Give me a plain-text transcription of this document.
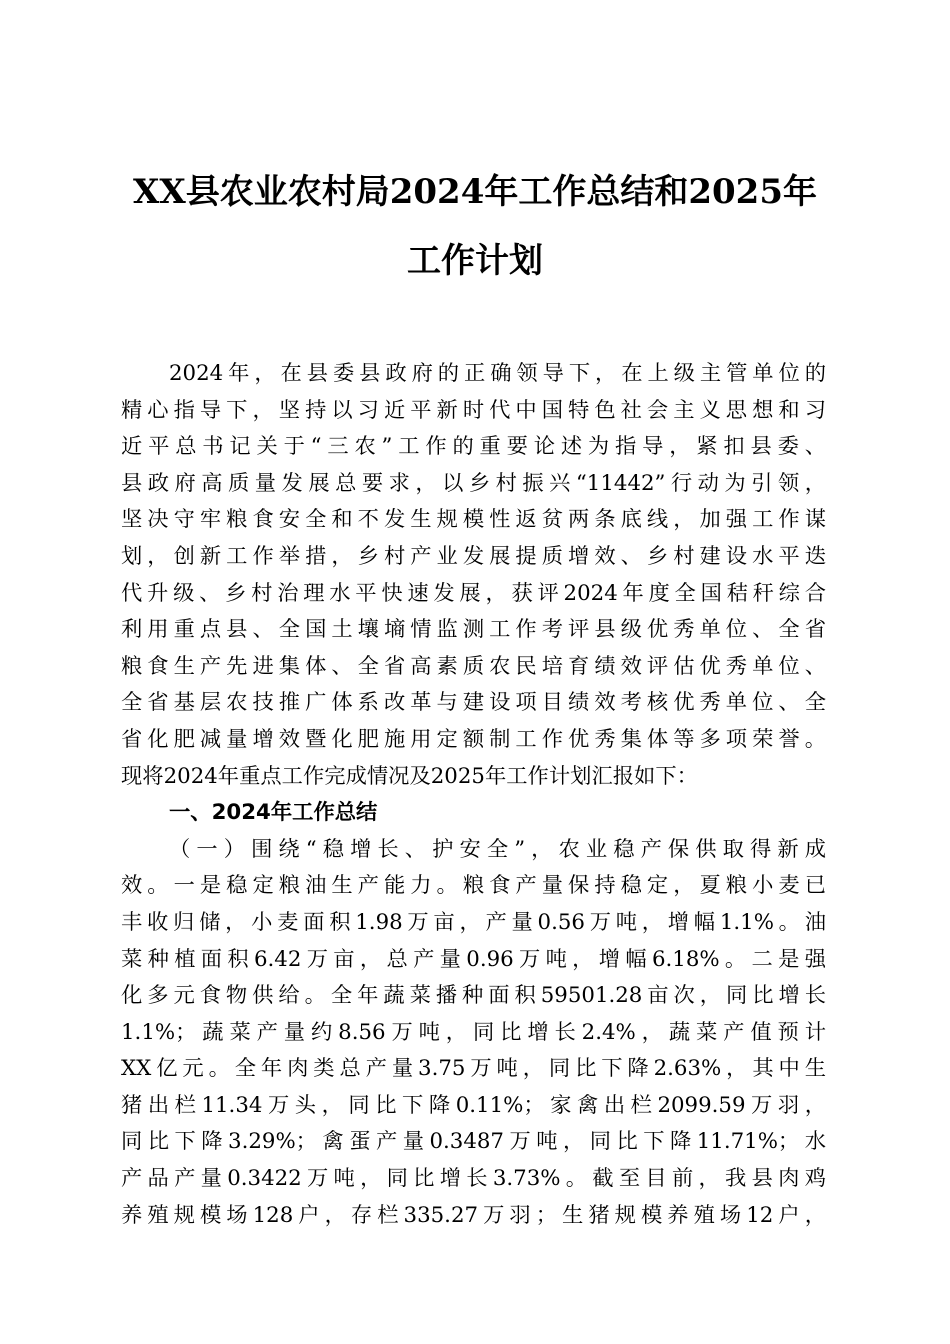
XX县农业农村局2024年工作总结和2025年
工作计划
2024年，在县委县政府的正确领导下，在上级主管单位的
精心指导下，坚持以习近平新时代中国特色社会主义思想和习
近平总书记关于“三农”工作的重要论述为指导，紧扣县委、
县政府高质量发展总要求，以乡村振兴“11442”行动为引领，
坚决守牢粮食安全和不发生规模性返贫两条底线，加强工作谋
划，创新工作举措，乡村产业发展提质增效、乡村建设水平迭
代升级、乡村治理水平快速发展，获评2024年度全国秸秆综合
利用重点县、全国土壤墒情监测工作考评县级优秀单位、全省
粮食生产先进集体、全省高素质农民培育绩效评估优秀单位、
全省基层农技推广体系改革与建设项目绩效考核优秀单位、全
省化肥减量增效暨化肥施用定额制工作优秀集体等多项荣誉。
现将2024年重点工作完成情况及2025年工作计划汇报如下：
一、2024年工作总结
（一）围绕“稳增长、护安全”，农业稳产保供取得新成
效。一是稳定粮油生产能力。粮食产量保持稳定，夏粮小麦已
丰收归储，小麦面积1.98万亩，产量0.56万吨，增幅1.1%。油
菜种植面积6.42万亩，总产量0.96万吨，增幅6.18%。二是强
化多元食物供给。全年蔬菜播种面积59501.28亩次，同比增长
1.1%；蔬菜产量约8.56万吨，同比增长2.4%，蔬菜产值预计
XX亿元。全年肉类总产量3.75万吨，同比下降2.63%，其中生
猪出栏11.34万头，同比下降0.11%；家禽出栏2099.59万羽，
同比下降3.29%；禽蛋产量0.3487万吨，同比下降11.71%；水
产品产量0.3422万吨，同比增长3.73%。截至目前，我县肉鸡
养殖规模场128户，存栏335.27万羽；生猪规模养殖场12户，
